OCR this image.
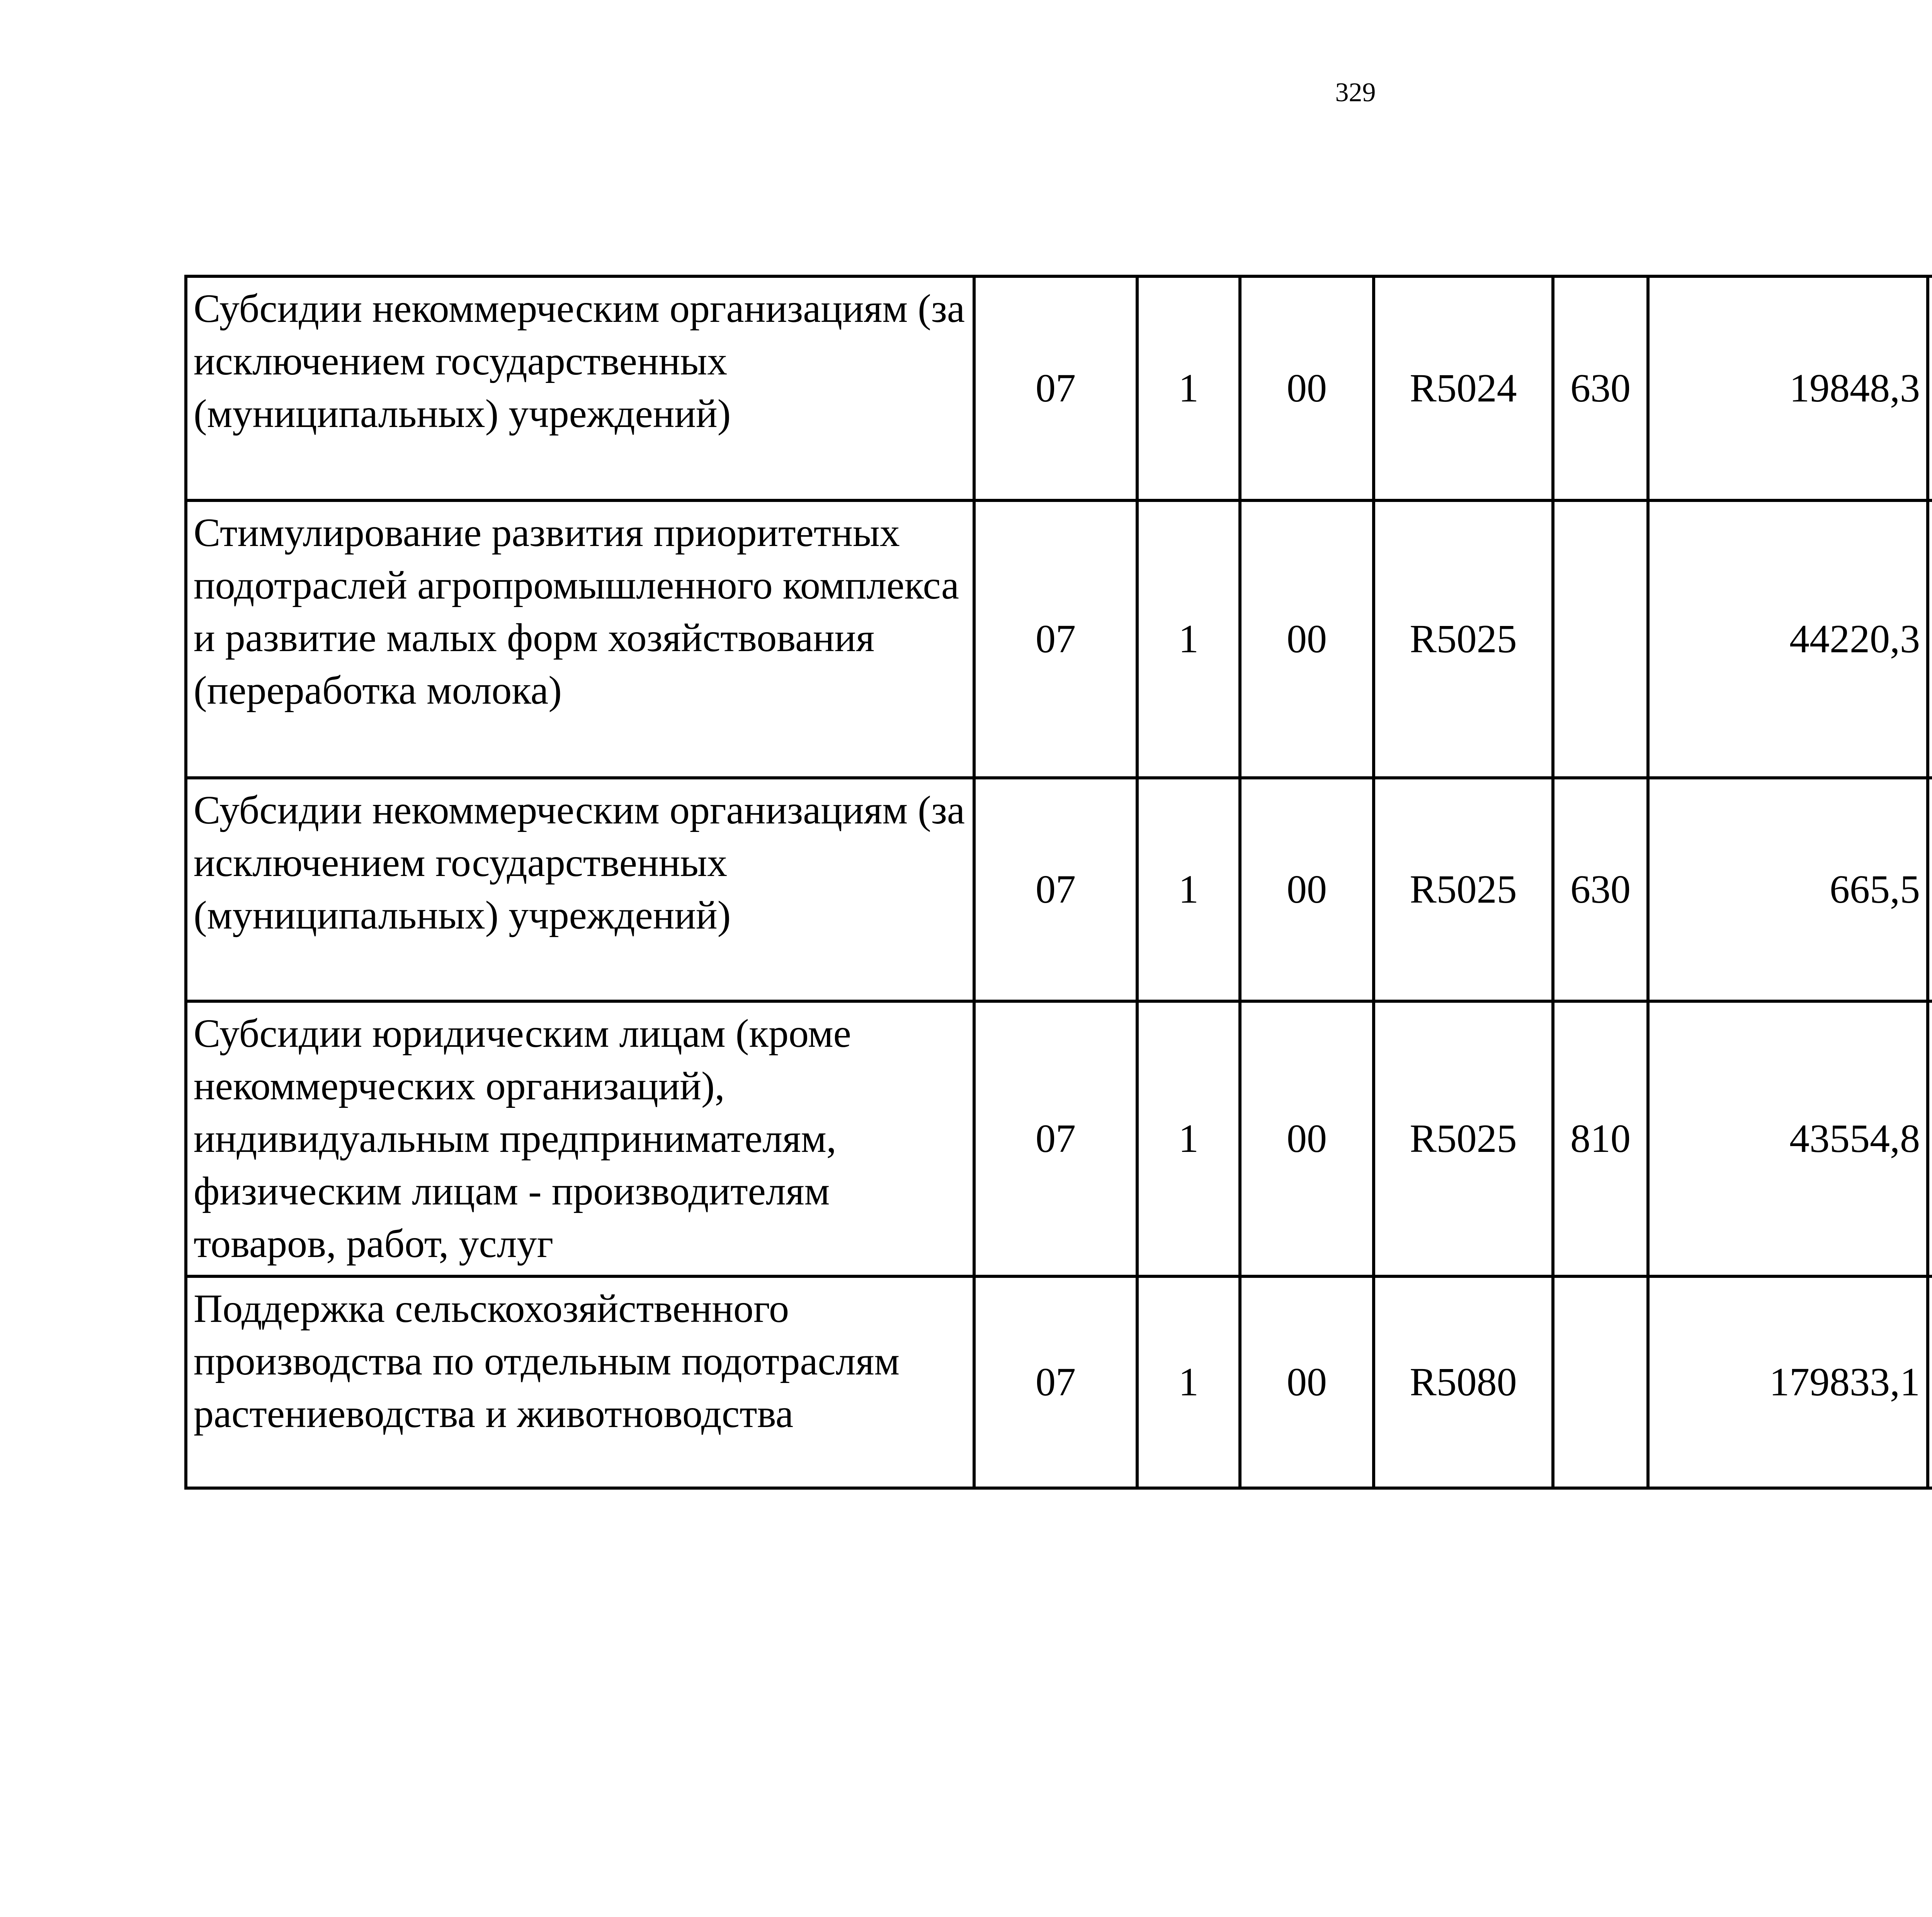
329
Субсидии некоммерческим организациям (за исключением государственных (муниципальных) учреждений)	07	1	00	R5024	630	19848,3		
Стимулирование развития приоритетных подотраслей агропромышленного комплекса и развитие малых форм хозяйствования (переработка молока)	07	1	00	R5025		44220,3		
Субсидии некоммерческим организациям (за исключением государственных (муниципальных) учреждений)	07	1	00	R5025	630	665,5		
Субсидии юридическим лицам (кроме некоммерческих организаций), индивидуальным предпринимателям, физическим лицам - производителям товаров, работ, услуг	07	1	00	R5025	810	43554,8		
Поддержка сельскохозяйственного производства по отдельным подотраслям растениеводства и животноводства	07	1	00	R5080		179833,1		
